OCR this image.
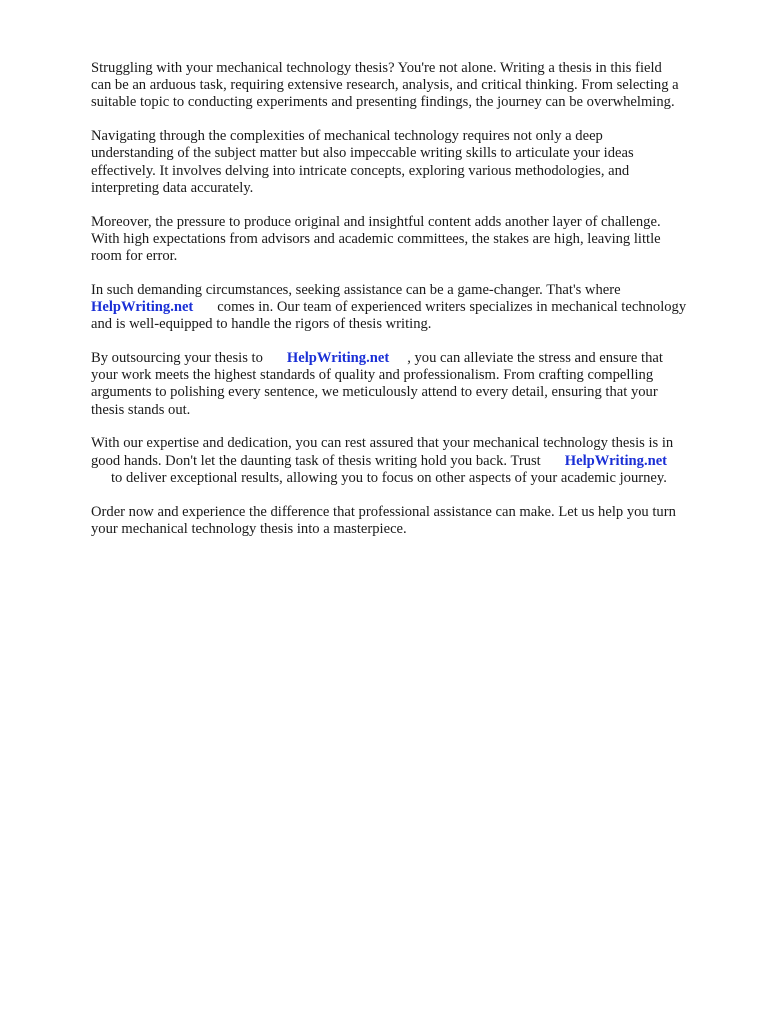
Struggling with your mechanical technology thesis? You're not alone. Writing a thesis in this field
can be an arduous task, requiring extensive research, analysis, and critical thinking. From selecting a
suitable topic to conducting experiments and presenting findings, the journey can be overwhelming.

Navigating through the complexities of mechanical technology requires not only a deep
understanding of the subject matter but also impeccable writing skills to articulate your ideas
effectively. It involves delving into intricate concepts, exploring various methodologies, and
interpreting data accurately.

Moreover, the pressure to produce original and insightful content adds another layer of challenge.
With high expectations from advisors and academic committees, the stakes are high, leaving little
room for error.

In such demanding circumstances, seeking assistance can be a game-changer. That's where
HelpWriting.net comes in. Our team of experienced writers specializes in mechanical technology
and is well-equipped to handle the rigors of thesis writing.

By outsourcing your thesis to HelpWriting.net , you can alleviate the stress and ensure that
your work meets the highest standards of quality and professionalism. From crafting compelling
arguments to polishing every sentence, we meticulously attend to every detail, ensuring that your
thesis stands out.

With our expertise and dedication, you can rest assured that your mechanical technology thesis is in
good hands. Don't let the daunting task of thesis writing hold you back. Trust HelpWriting.net
to deliver exceptional results, allowing you to focus on other aspects of your academic journey.

Order now and experience the difference that professional assistance can make. Let us help you turn
your mechanical technology thesis into a masterpiece.
